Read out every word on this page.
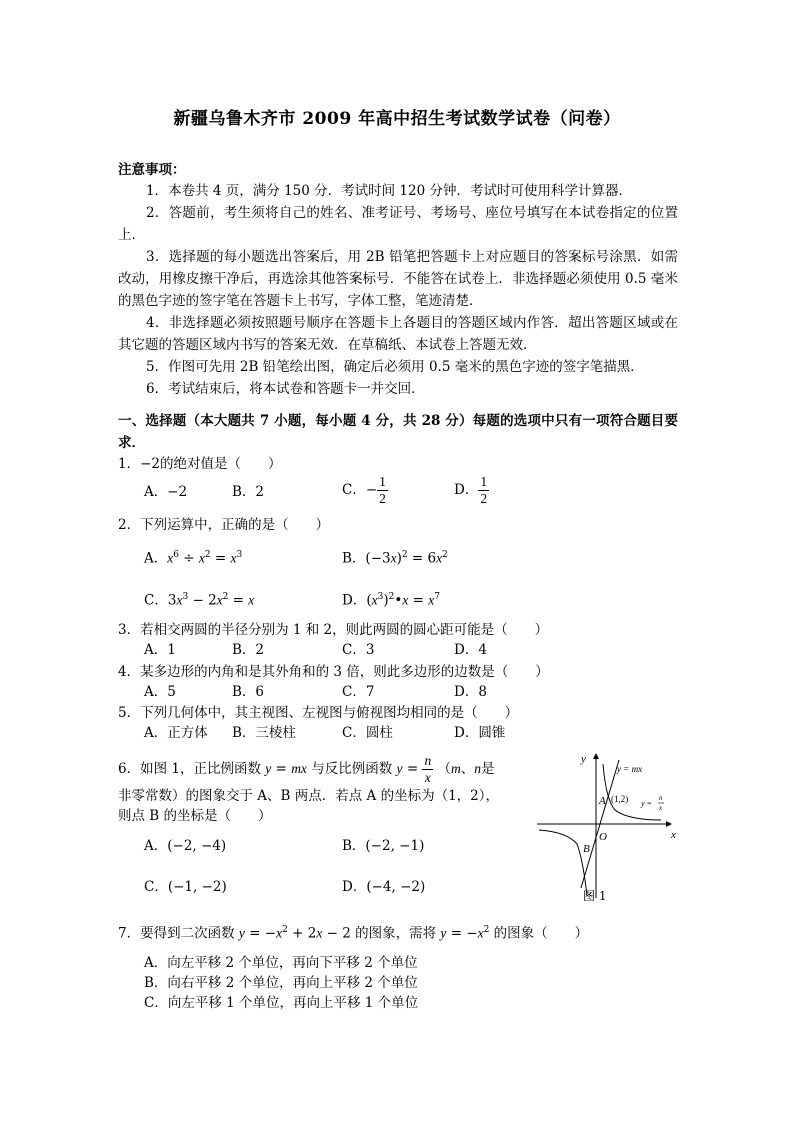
新疆乌鲁木齐市 2009 年高中招生考试数学试卷（问卷）
注意事项：
1．本卷共 4 页，满分 150 分．考试时间 120 分钟．考试时可使用科学计算器．
2．答题前，考生须将自己的姓名、准考证号、考场号、座位号填写在本试卷指定的位置上．
3．选择题的每小题选出答案后，用 2B 铅笔把答题卡上对应题目的答案标号涂黑．如需改动，用橡皮擦干净后，再选涂其他答案标号．不能答在试卷上．非选择题必须使用 0.5 毫米的黑色字迹的签字笔在答题卡上书写，字体工整，笔迹清楚．
4．非选择题必须按照题号顺序在答题卡上各题目的答题区域内作答．超出答题区域或在其它题的答题区域内书写的答案无效．在草稿纸、本试卷上答题无效．
5．作图可先用 2B 铅笔绘出图，确定后必须用 0.5 毫米的黑色字迹的签字笔描黑．
6．考试结束后，将本试卷和答题卡一并交回．
一、选择题（本大题共 7 小题，每小题 4 分，共 28 分）每题的选项中只有一项符合题目要求．
1．−2的绝对值是（　　）
A．−2	B．2	C．− $\frac{1}{2}$	D． $\frac{1}{2}$
2．下列运算中，正确的是（　　）
A．$x^6 \div x^2 = x^3$	B．$(-3x)^2 = 6x^2$
C．$3x^3 - 2x^2 = x$	D．$(x^3)^2•x = x^7$
3．若相交两圆的半径分别为 1 和 2，则此两圆的圆心距可能是（　　）
A．1	B．2	C．3	D．4
4．某多边形的内角和是其外角和的 3 倍，则此多边形的边数是（　　）
A．5	B．6	C．7	D．8
5．下列几何体中，其主视图、左视图与俯视图均相同的是（　　）
A．正方体 B．三棱柱	C．圆柱	D．圆锥
6．如图 1，正比例函数 y = mx 与反比例函数 $y = \frac{n}{x} (m$、n是
非零常数）的图象交于 A、B 两点．若点 A 的坐标为（1，2），
则点 B 的坐标是（　　）
A．(−2, −4)	B．(−2, −1)
C．(−1, −2)	D．(−4, −2)
y
x
O
A (1,2)
B
y = mx
y =
n
x
图 1
7．要得到二次函数 $y = -x^2 + 2x - 2$ 的图象，需将 $y = -x^2$ 的图象（　　）
A．向左平移 2 个单位，再向下平移 2 个单位
B．向右平移 2 个单位，再向上平移 2 个单位
C．向左平移 1 个单位，再向上平移 1 个单位
